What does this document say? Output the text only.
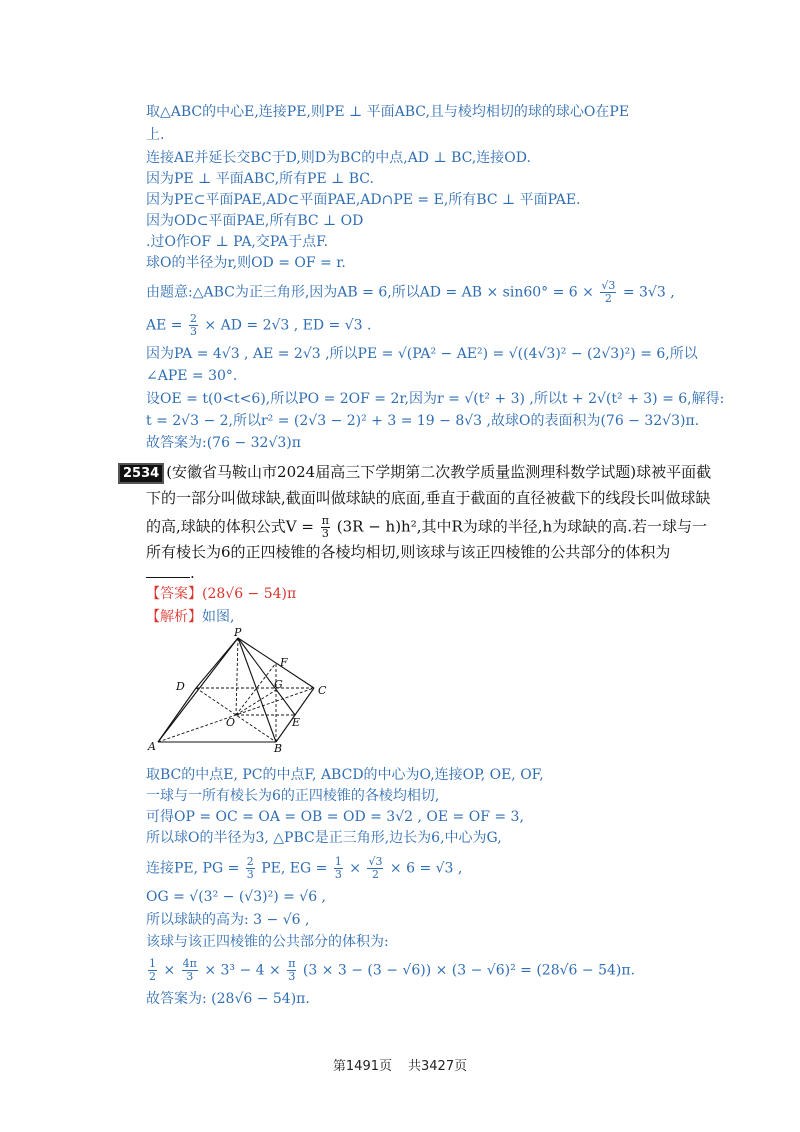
取△ABC的中心E,连接PE,则PE ⊥ 平面ABC,且与棱均相切的球的球心O在PE
上.
连接AE并延长交BC于D,则D为BC的中点,AD ⊥ BC,连接OD.
因为PE ⊥ 平面ABC,所有PE ⊥ BC.
因为PE⊂平面PAE,AD⊂平面PAE,AD∩PE = E,所有BC ⊥ 平面PAE.
因为OD⊂平面PAE,所有BC ⊥ OD
.过O作OF ⊥ PA,交PA于点F.
球O的半径为r,则OD = OF = r.
由题意:△ABC为正三角形,因为AB = 6,所以AD = AB × $\sin 60^\circ = 6 \times \frac{√3}{2} = 3√3$ ,
AE = $\frac{2}{3}$ × AD = 2√3 , ED = √3 .
因为PA = 4√3 , AE = 2√3 ,所以PE = √(PA² − AE²) = √((4√3)² − (2√3)²) = 6,所以
∠APE = 30°.
设OE = t(0<t<6),所以PO = 2OF = 2r,因为r = √(t² + 3) ,所以t + 2√(t² + 3) = 6,解得:
t = 2√3 − 2,所以r² = (2√3 − 2)² + 3 = 19 − 8√3 ,故球O的表面积为(76 − 32√3)π.
故答案为:(76 − 32√3)π
2534 (安徽省马鞍山市2024届高三下学期第二次教学质量监测理科数学试题)球被平面截
下的一部分叫做球缺,截面叫做球缺的底面,垂直于截面的直径被截下的线段长叫做球缺
的高,球缺的体积公式$V = \frac{\pi}{3} (3R - h)h^2$,其中R为球的半径,h为球缺的高.若一球与一
所有棱长为6的正四棱锥的各棱均相切,则该球与该正四棱锥的公共部分的体积为
.
【答案】(28√6 − 54)π
【解析】如图,
P
D	C
A	B
O	E
F
G
取BC的中点E, PC的中点F, ABCD的中心为O,连接OP, OE, OF,
一球与一所有棱长为6的正四棱锥的各棱均相切,
可得OP = OC = OA = OB = OD = 3√2 , OE = OF = 3,
所以球O的半径为3, △PBC是正三角形,边长为6,中心为G,
连接PE, PG = $\frac{2}{3}$ PE, EG = $\frac{1}{3} \times \frac{√3}{2} \times 6 = √3$ ,
OG = √(3² − (√3)²) = √6 ,
所以球缺的高为: 3 − √6 ,
该球与该正四棱锥的公共部分的体积为:
$\frac{1}{2} \times \frac{4\pi}{3} \times 3^3 - 4 \times \frac{\pi}{3} (3 \times 3 - (3 - √6)) \times (3 - √6)^2 = (28√6 - 54)\pi$.
故答案为: (28√6 − 54)π.
第1491页 共3427页
